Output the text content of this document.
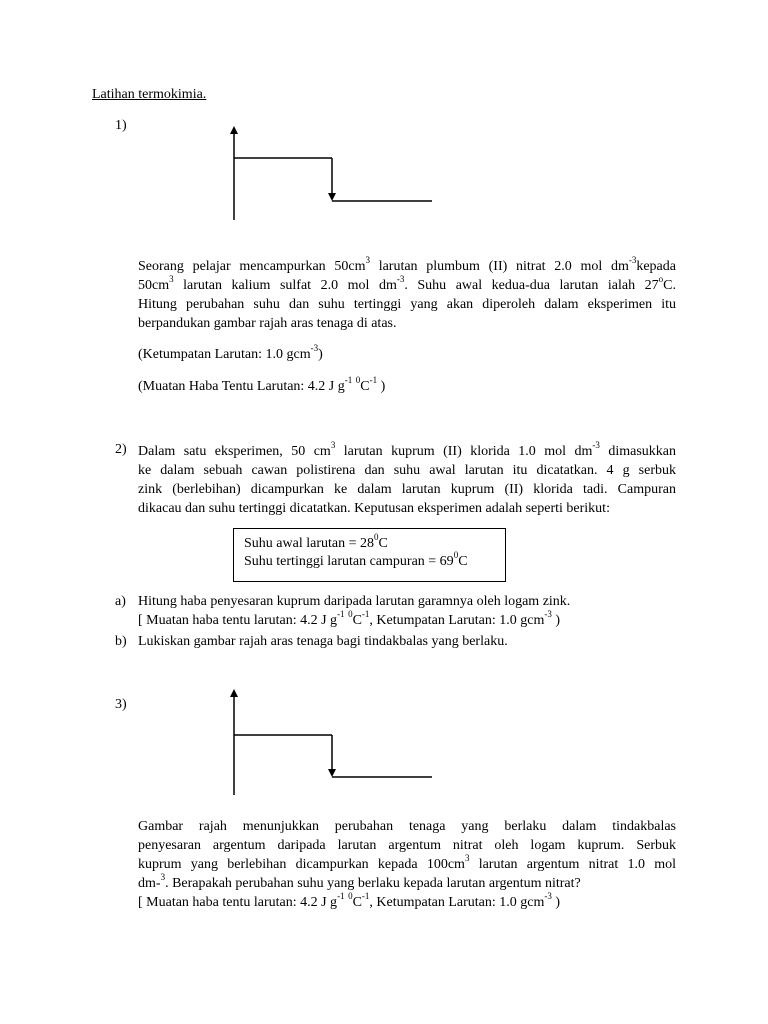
Latihan termokimia.
1)
Seorang pelajar mencampurkan $50cm^3$ larutan plumbum (II) nitrat 2.0 mol $dm^{-3}kepada$
$50cm^3$ larutan kalium sulfat 2.0 mol $dm^{-3}$. Suhu awal kedua-dua larutan ialah 27$^o$C.
Hitung perubahan suhu dan suhu tertinggi yang akan diperoleh dalam eksperimen itu
berpandukan gambar rajah aras tenaga di atas.
(Ketumpatan Larutan: 1.0 gcm$^{-3}$)
(Muatan Haba Tentu Larutan: 4.2 J $g^{-1}$ $^0C^{-1}$ )
2) Dalam satu eksperimen, 50 $cm^3$ larutan kuprum (II) klorida 1.0 mol $dm^{-3}$ dimasukkan
ke dalam sebuah cawan polistirena dan suhu awal larutan itu dicatatkan. 4 g serbuk
zink (berlebihan) dicampurkan ke dalam larutan kuprum (II) klorida tadi. Campuran
dikacau dan suhu tertinggi dicatatkan. Keputusan eksperimen adalah seperti berikut:
Suhu awal larutan = $28^0C$
Suhu tertinggi larutan campuran = $69^0C$
a) Hitung haba penyesaran kuprum daripada larutan garamnya oleh logam zink.
[ Muatan haba tentu larutan: 4.2 J $g^{-1}$ $^0C^{-1}$, Ketumpatan Larutan: 1.0 gcm$^{-3}$ )
b) Lukiskan gambar rajah aras tenaga bagi tindakbalas yang berlaku.
3)
Gambar rajah menunjukkan perubahan tenaga yang berlaku dalam tindakbalas
penyesaran argentum daripada larutan argentum nitrat oleh logam kuprum. Serbuk
kuprum yang berlebihan dicampurkan kepada $100cm^3$ larutan argentum nitrat 1.0 mol
dm-$^3$. Berapakah perubahan suhu yang berlaku kepada larutan argentum nitrat?
[ Muatan haba tentu larutan: 4.2 J $g^{-1}$ $^0C^{-1}$, Ketumpatan Larutan: 1.0 gcm$^{-3}$ )
